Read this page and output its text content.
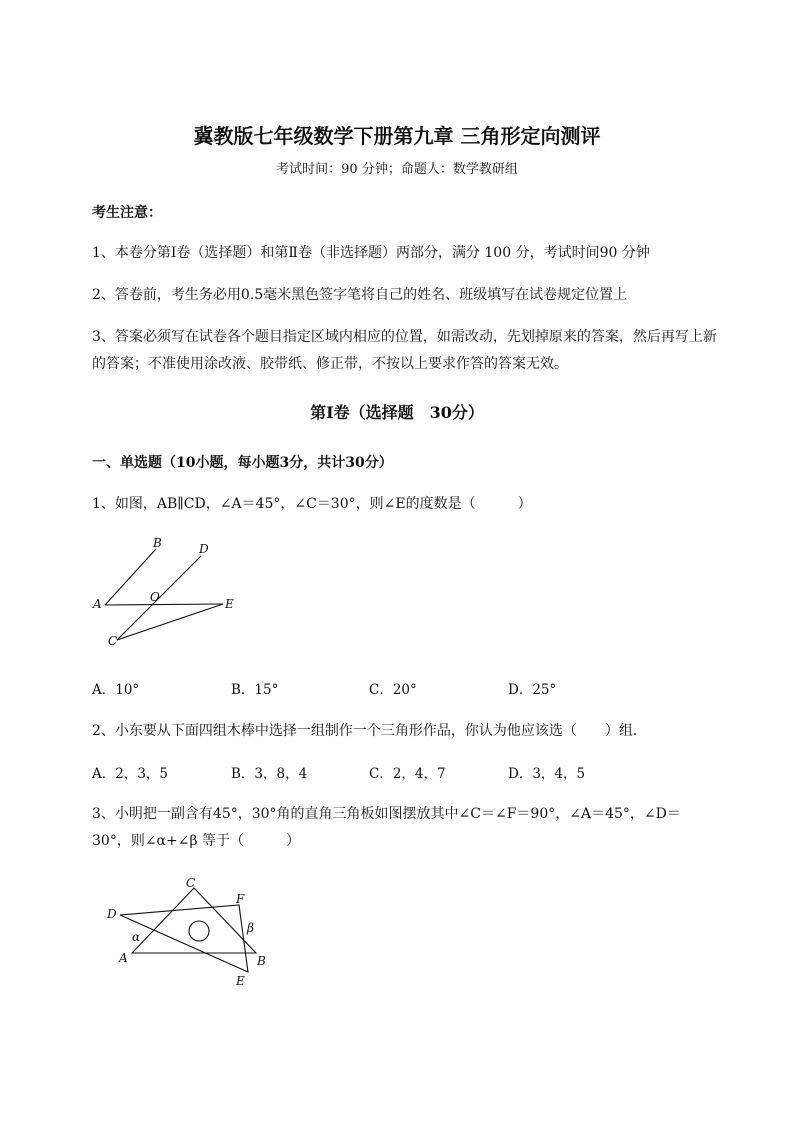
冀教版七年级数学下册第九章 三角形定向测评
考试时间：90 分钟；命题人：数学教研组
考生注意：
1、本卷分第Ⅰ卷（选择题）和第Ⅱ卷（非选择题）两部分，满分 100 分，考试时间90 分钟
2、答卷前，考生务必用0.5毫米黑色签字笔将自己的姓名、班级填写在试卷规定位置上
3、答案必须写在试卷各个题目指定区域内相应的位置，如需改动，先划掉原来的答案，然后再写上新
的答案；不准使用涂改液、胶带纸、修正带，不按以上要求作答的答案无效。
第Ⅰ卷（选择题　30分）
一、单选题（10小题，每小题3分，共计30分）
1、如图，AB∥CD，∠A＝45°，∠C＝30°，则∠E的度数是（　　　）
A
B
C
D
E
O
A．10°	B．15°	C．20°	D．25°
2、小东要从下面四组木棒中选择一组制作一个三角形作品，你认为他应该选（　　）组．
A．2，3，5	B．3，8，4	C．2，4，7	D．3，4，5
3、小明把一副含有45°，30°角的直角三角板如图摆放其中∠C＝∠F＝90°，∠A＝45°，∠D＝
30°，则∠α+∠β 等于（　　　）
A	B
C
D
E
F
α
β
